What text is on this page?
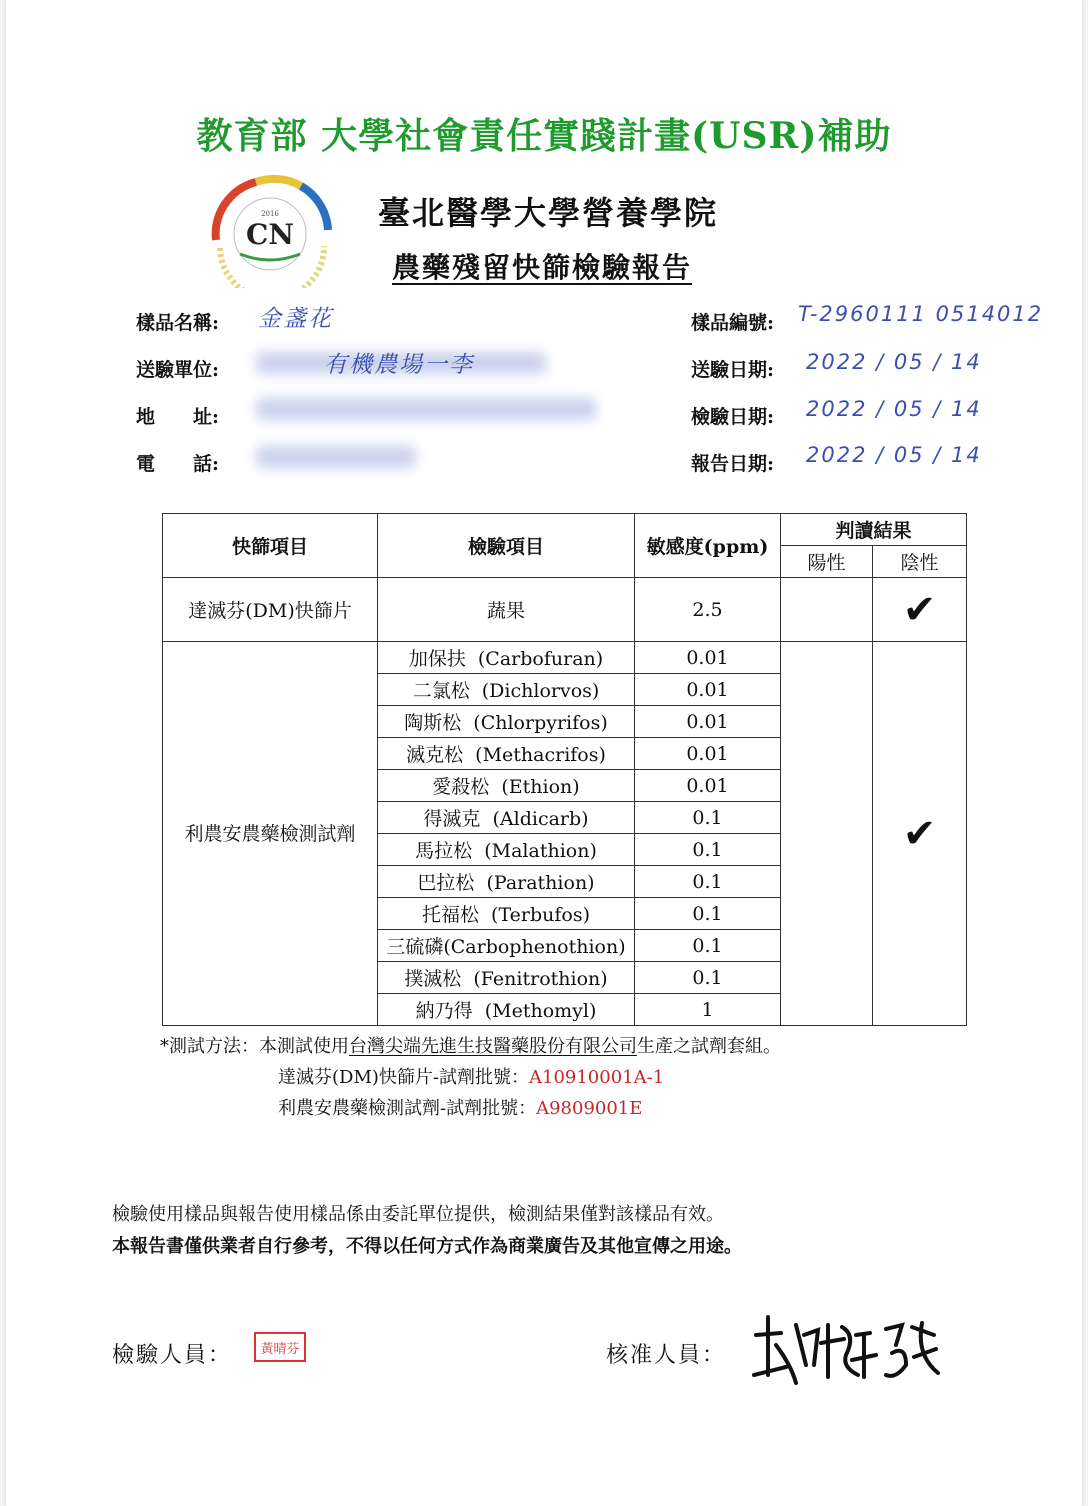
教育部 大學社會責任實踐計畫(USR)補助
2016
CN
臺北醫學大學營養學院
農藥殘留快篩檢驗報告
樣品名稱: 金盞花
送驗單位:	有機農場一李
地　　址:
電　　話:
樣品編號: T-2960111 0514012
送驗日期: 2022 / 05 / 14
檢驗日期: 2022 / 05 / 14
報告日期: 2022 / 05 / 14
快篩項目	檢驗項目	敏感度(ppm)	判讀結果	
			陽性	陰性
達滅芬(DM)快篩片	蔬果	2.5		✔
利農安農藥檢測試劑	加保扶  (Carbofuran)	0.01		✔
	二氯松  (Dichlorvos)	0.01		
	陶斯松  (Chlorpyrifos)	0.01		
	滅克松  (Methacrifos)	0.01		
	愛殺松  (Ethion)	0.01		
	得滅克  (Aldicarb)	0.1		
	馬拉松  (Malathion)	0.1		
	巴拉松  (Parathion)	0.1		
	托福松  (Terbufos)	0.1		
	三硫磷(Carbophenothion)	0.1		
	撲滅松  (Fenitrothion)	0.1		
	納乃得  (Methomyl)	1		
*測試方法：本測試使用台灣尖端先進生技醫藥股份有限公司生產之試劑套組。
達滅芬(DM)快篩片-試劑批號：A10910001A-1
利農安農藥檢測試劑-試劑批號：A9809001E
檢驗使用樣品與報告使用樣品係由委託單位提供，檢測結果僅對該樣品有效。
本報告書僅供業者自行參考，不得以任何方式作為商業廣告及其他宣傳之用途。
檢驗人員：	黃晴芬	核准人員：
